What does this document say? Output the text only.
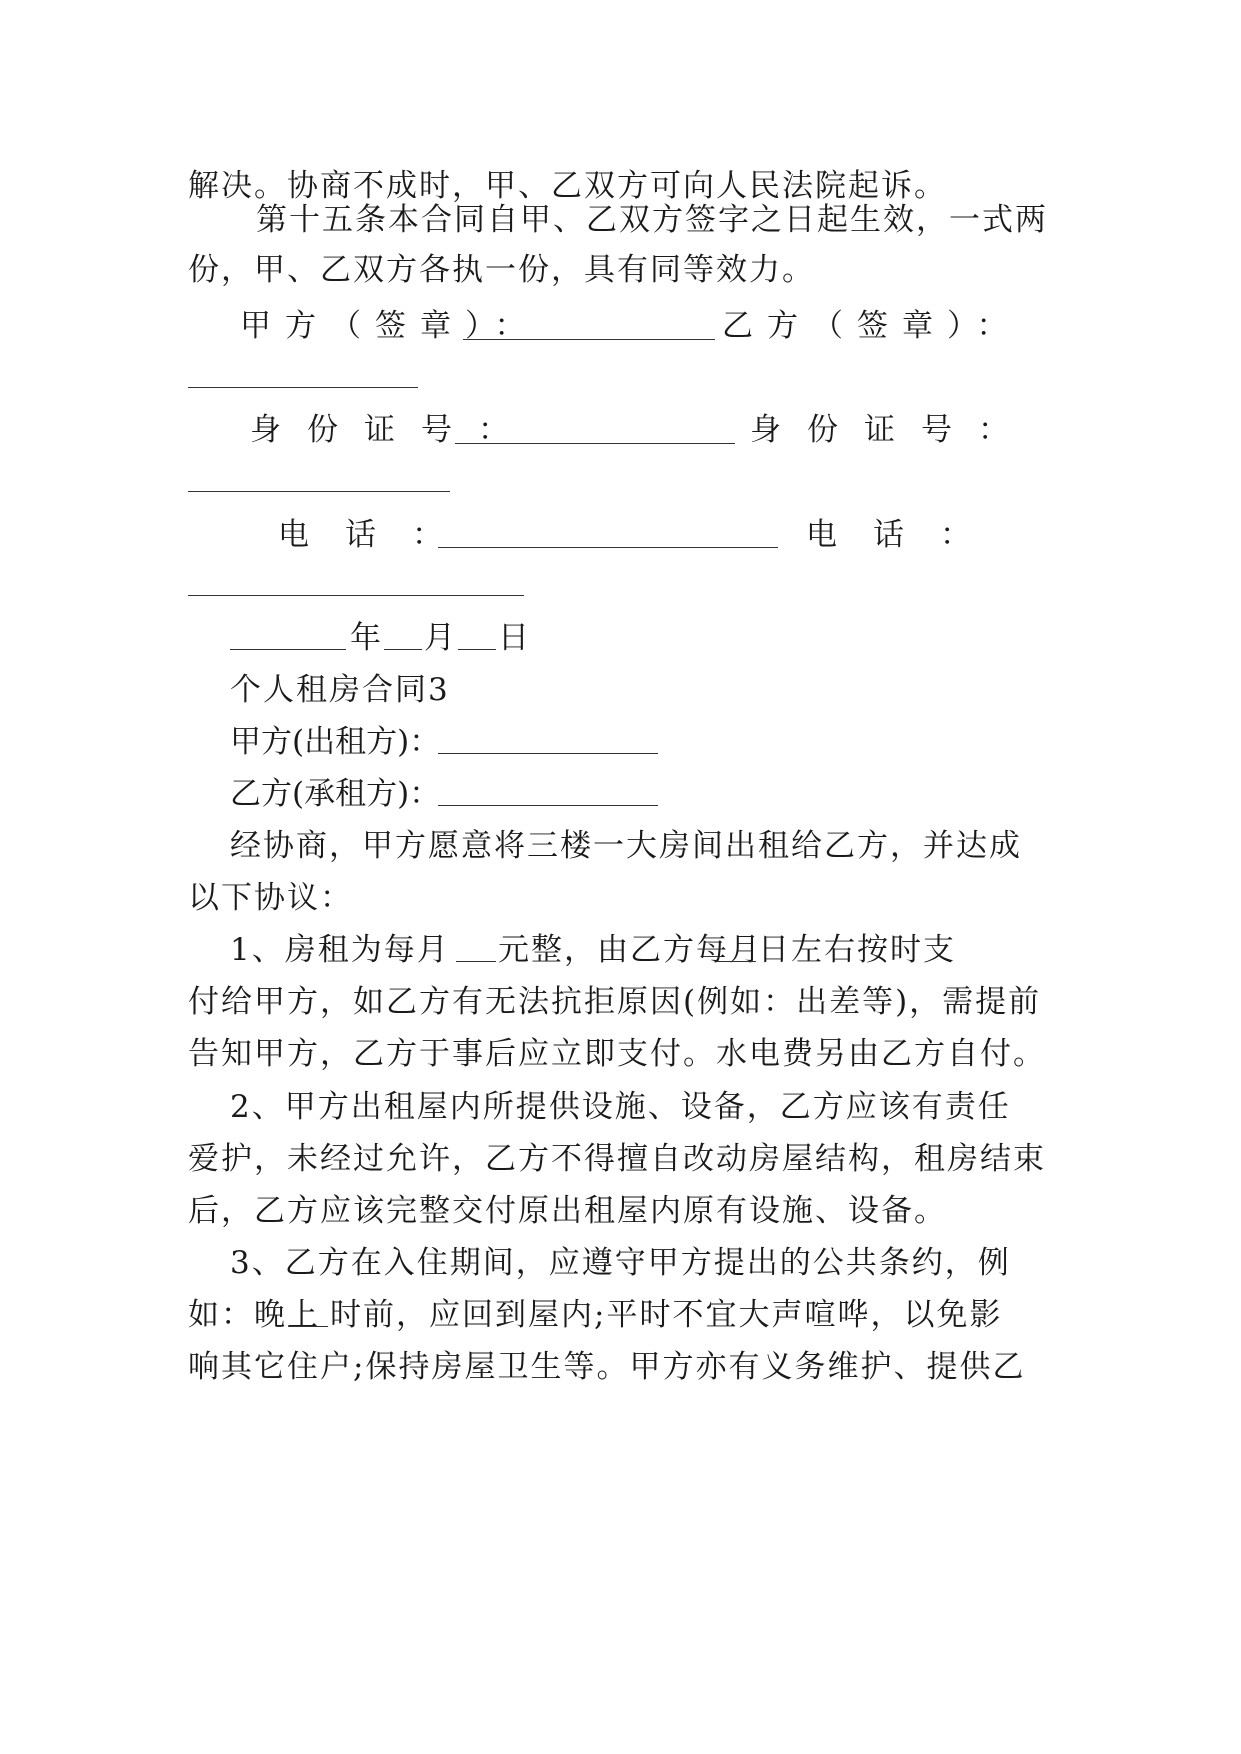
解决。协商不成时，甲、乙双方可向人民法院起诉。
第十五条本合同自甲、乙双方签字之日起生效，一式两
份，甲、乙双方各执一份，具有同等效力。
甲方（签章）：	乙方（签章）：
身份证号：	身份证号：
电话：	电话：
年 月 日
个人租房合同3
甲方(出租方)：
乙方(承租方)：
经协商，甲方愿意将三楼一大房间出租给乙方，并达成
以下协议：
1、房租为每月 元整，由乙方每月
日左右按时支
付给甲方，如乙方有无法抗拒原因(例如：出差等)，需提前
告知甲方，乙方于事后应立即支付。水电费另由乙方自付。
2、甲方出租屋内所提供设施、设备，乙方应该有责任
爱护，未经过允许，乙方不得擅自改动房屋结构，租房结束
后，乙方应该完整交付原出租屋内原有设施、设备。
3、乙方在入住期间，应遵守甲方提出的公共条约，例
如：晚上 时前，应回到屋内;平时不宜大声喧哗，以免影
响其它住户;保持房屋卫生等。甲方亦有义务维护、提供乙
